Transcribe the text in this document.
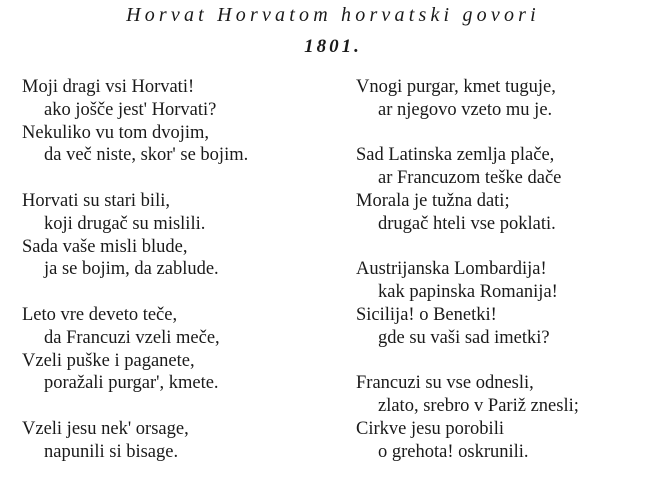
Horvat Horvatom horvatski govori
1801.
Moji dragi vsi Horvati!
ako jošče jest' Horvati?
Nekuliko vu tom dvojim,
da več niste, skor' se bojim.
Horvati su stari bili,
koji drugač su mislili.
Sada vaše misli blude,
ja se bojim, da zablude.
Leto vre deveto teče,
da Francuzi vzeli meče,
Vzeli puške i paganete,
poražali purgar', kmete.
Vzeli jesu nek' orsage,
napunili si bisage.
Vnogi purgar, kmet tuguje,
ar njegovo vzeto mu je.
Sad Latinska zemlja plače,
ar Francuzom teške dače
Morala je tužna dati;
drugač hteli vse poklati.
Austrijanska Lombardija!
kak papinska Romanija!
Sicilija! o Benetki!
gde su vaši sad imetki?
Francuzi su vse odnesli,
zlato, srebro v Pariž znesli;
Cirkve jesu porobili
o grehota! oskrunili.
